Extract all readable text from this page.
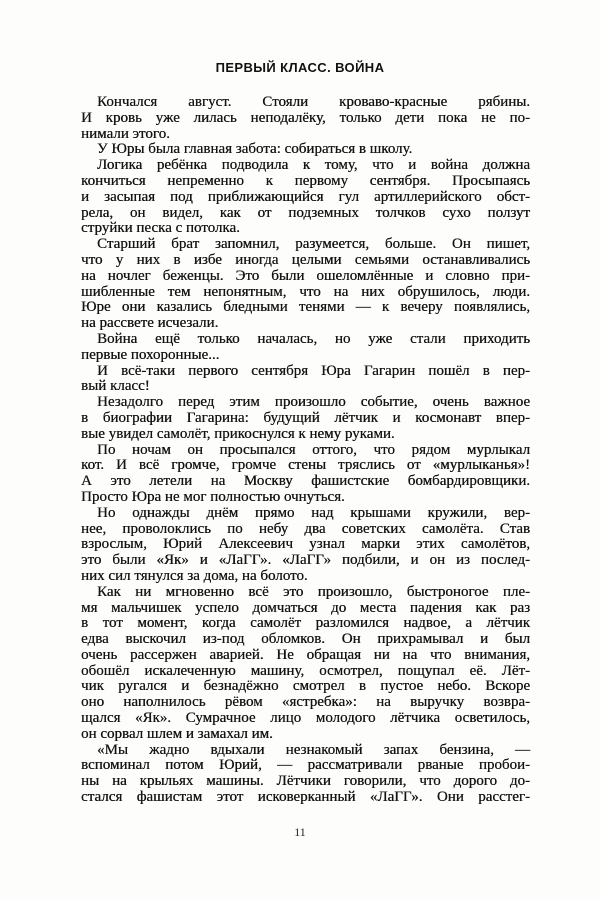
ПЕРВЫЙ КЛАСС. ВОЙНА
Кончался август. Стояли кроваво-красные рябины.
И кровь уже лилась неподалёку, только дети пока не по-
нимали этого.
У Юры была главная забота: собираться в школу.
Логика ребёнка подводила к тому, что и война должна
кончиться непременно к первому сентября. Просыпаясь
и засыпая под приближающийся гул артиллерийского обст-
рела, он видел, как от подземных толчков сухо ползут
струйки песка с потолка.
Старший брат запомнил, разумеется, больше. Он пишет,
что у них в избе иногда целыми семьями останавливались
на ночлег беженцы. Это были ошеломлённые и словно при-
шибленные тем непонятным, что на них обрушилось, люди.
Юре они казались бледными тенями — к вечеру появлялись,
на рассвете исчезали.
Война ещё только началась, но уже стали приходить
первые похоронные...
И всё-таки первого сентября Юра Гагарин пошёл в пер-
вый класс!
Незадолго перед этим произошло событие, очень важное
в биографии Гагарина: будущий лётчик и космонавт впер-
вые увидел самолёт, прикоснулся к нему руками.
По ночам он просыпался оттого, что рядом мурлыкал
кот. И всё громче, громче стены тряслись от «мурлыканья»!
А это летели на Москву фашистские бомбардировщики.
Просто Юра не мог полностью очнуться.
Но однажды днём прямо над крышами кружили, вер-
нее, проволоклись по небу два советских самолёта. Став
взрослым, Юрий Алексеевич узнал марки этих самолётов,
это были «Як» и «ЛаГГ». «ЛаГГ» подбили, и он из послед-
них сил тянулся за дома, на болото.
Как ни мгновенно всё это произошло, быстроногое пле-
мя мальчишек успело домчаться до места падения как раз
в тот момент, когда самолёт разломился надвое, а лётчик
едва выскочил из-под обломков. Он прихрамывал и был
очень рассержен аварией. Не обращая ни на что внимания,
обошёл искалеченную машину, осмотрел, пощупал её. Лёт-
чик ругался и безнадёжно смотрел в пустое небо. Вскоре
оно наполнилось рёвом «ястребка»: на выручку возвра-
щался «Як». Сумрачное лицо молодого лётчика осветилось,
он сорвал шлем и замахал им.
«Мы жадно вдыхали незнакомый запах бензина, —
вспоминал потом Юрий, — рассматривали рваные пробои-
ны на крыльях машины. Лётчики говорили, что дорого до-
стался фашистам этот исковерканный «ЛаГГ». Они расстег-
11
